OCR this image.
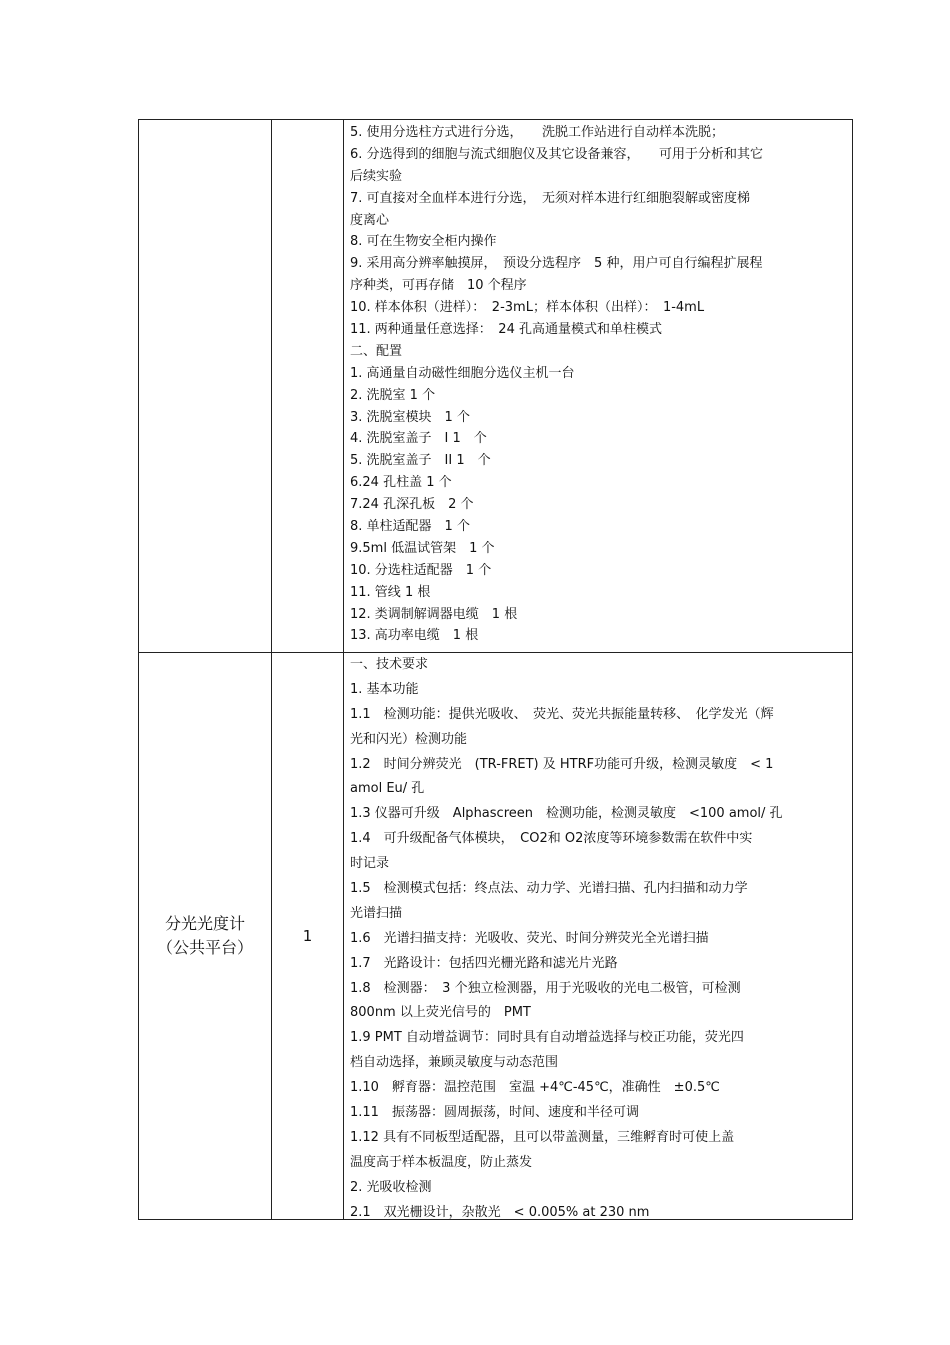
5. 使用分选柱方式进行分选，　　洗脱工作站进行自动样本洗脱；
6. 分选得到的细胞与流式细胞仪及其它设备兼容，　　可用于分析和其它
后续实验
7. 可直接对全血样本进行分选，　无须对样本进行红细胞裂解或密度梯
度离心
8. 可在生物安全柜内操作
9. 采用高分辨率触摸屏，　预设分选程序　5 种，用户可自行编程扩展程
序种类，可再存储　10 个程序
10. 样本体积（进样）：　2-3mL；样本体积（出样）：　1-4mL
11. 两种通量任意选择：　24 孔高通量模式和单柱模式
二、配置
1. 高通量自动磁性细胞分选仪主机一台
2. 洗脱室 1 个
3. 洗脱室模块　1 个
4. 洗脱室盖子　I 1　个
5. 洗脱室盖子　II 1　个
6.24 孔柱盖 1 个
7.24 孔深孔板　2 个
8. 单柱适配器　1 个
9.5ml 低温试管架　1 个
10. 分选柱适配器　1 个
11. 管线 1 根
12. 类调制解调器电缆　1 根
13. 高功率电缆　1 根
分光光度计
（公共平台）
1
一、技术要求
1. 基本功能
1.1　检测功能：提供光吸收、　荧光、荧光共振能量转移、　化学发光（辉
光和闪光）检测功能
1.2　时间分辨荧光　(TR-FRET) 及 HTRF功能可升级，检测灵敏度　< 1
amol Eu/ 孔
1.3 仪器可升级　Alphascreen　检测功能，检测灵敏度　<100 amol/ 孔
1.4　可升级配备气体模块，　CO2和 O2浓度等环境参数需在软件中实
时记录
1.5　检测模式包括：终点法、动力学、光谱扫描、孔内扫描和动力学
光谱扫描
1.6　光谱扫描支持：光吸收、荧光、时间分辨荧光全光谱扫描
1.7　光路设计：包括四光栅光路和滤光片光路
1.8　检测器：　3 个独立检测器，用于光吸收的光电二极管，可检测
800nm 以上荧光信号的　PMT
1.9 PMT 自动增益调节：同时具有自动增益选择与校正功能，荧光四
档自动选择，兼顾灵敏度与动态范围
1.10　孵育器：温控范围　室温 +4℃-45℃，准确性　±0.5℃
1.11　振荡器：圆周振荡，时间、速度和半径可调
1.12 具有不同板型适配器，且可以带盖测量，三维孵育时可使上盖
温度高于样本板温度，防止蒸发
2. 光吸收检测
2.1　双光栅设计，杂散光　< 0.005% at 230 nm
